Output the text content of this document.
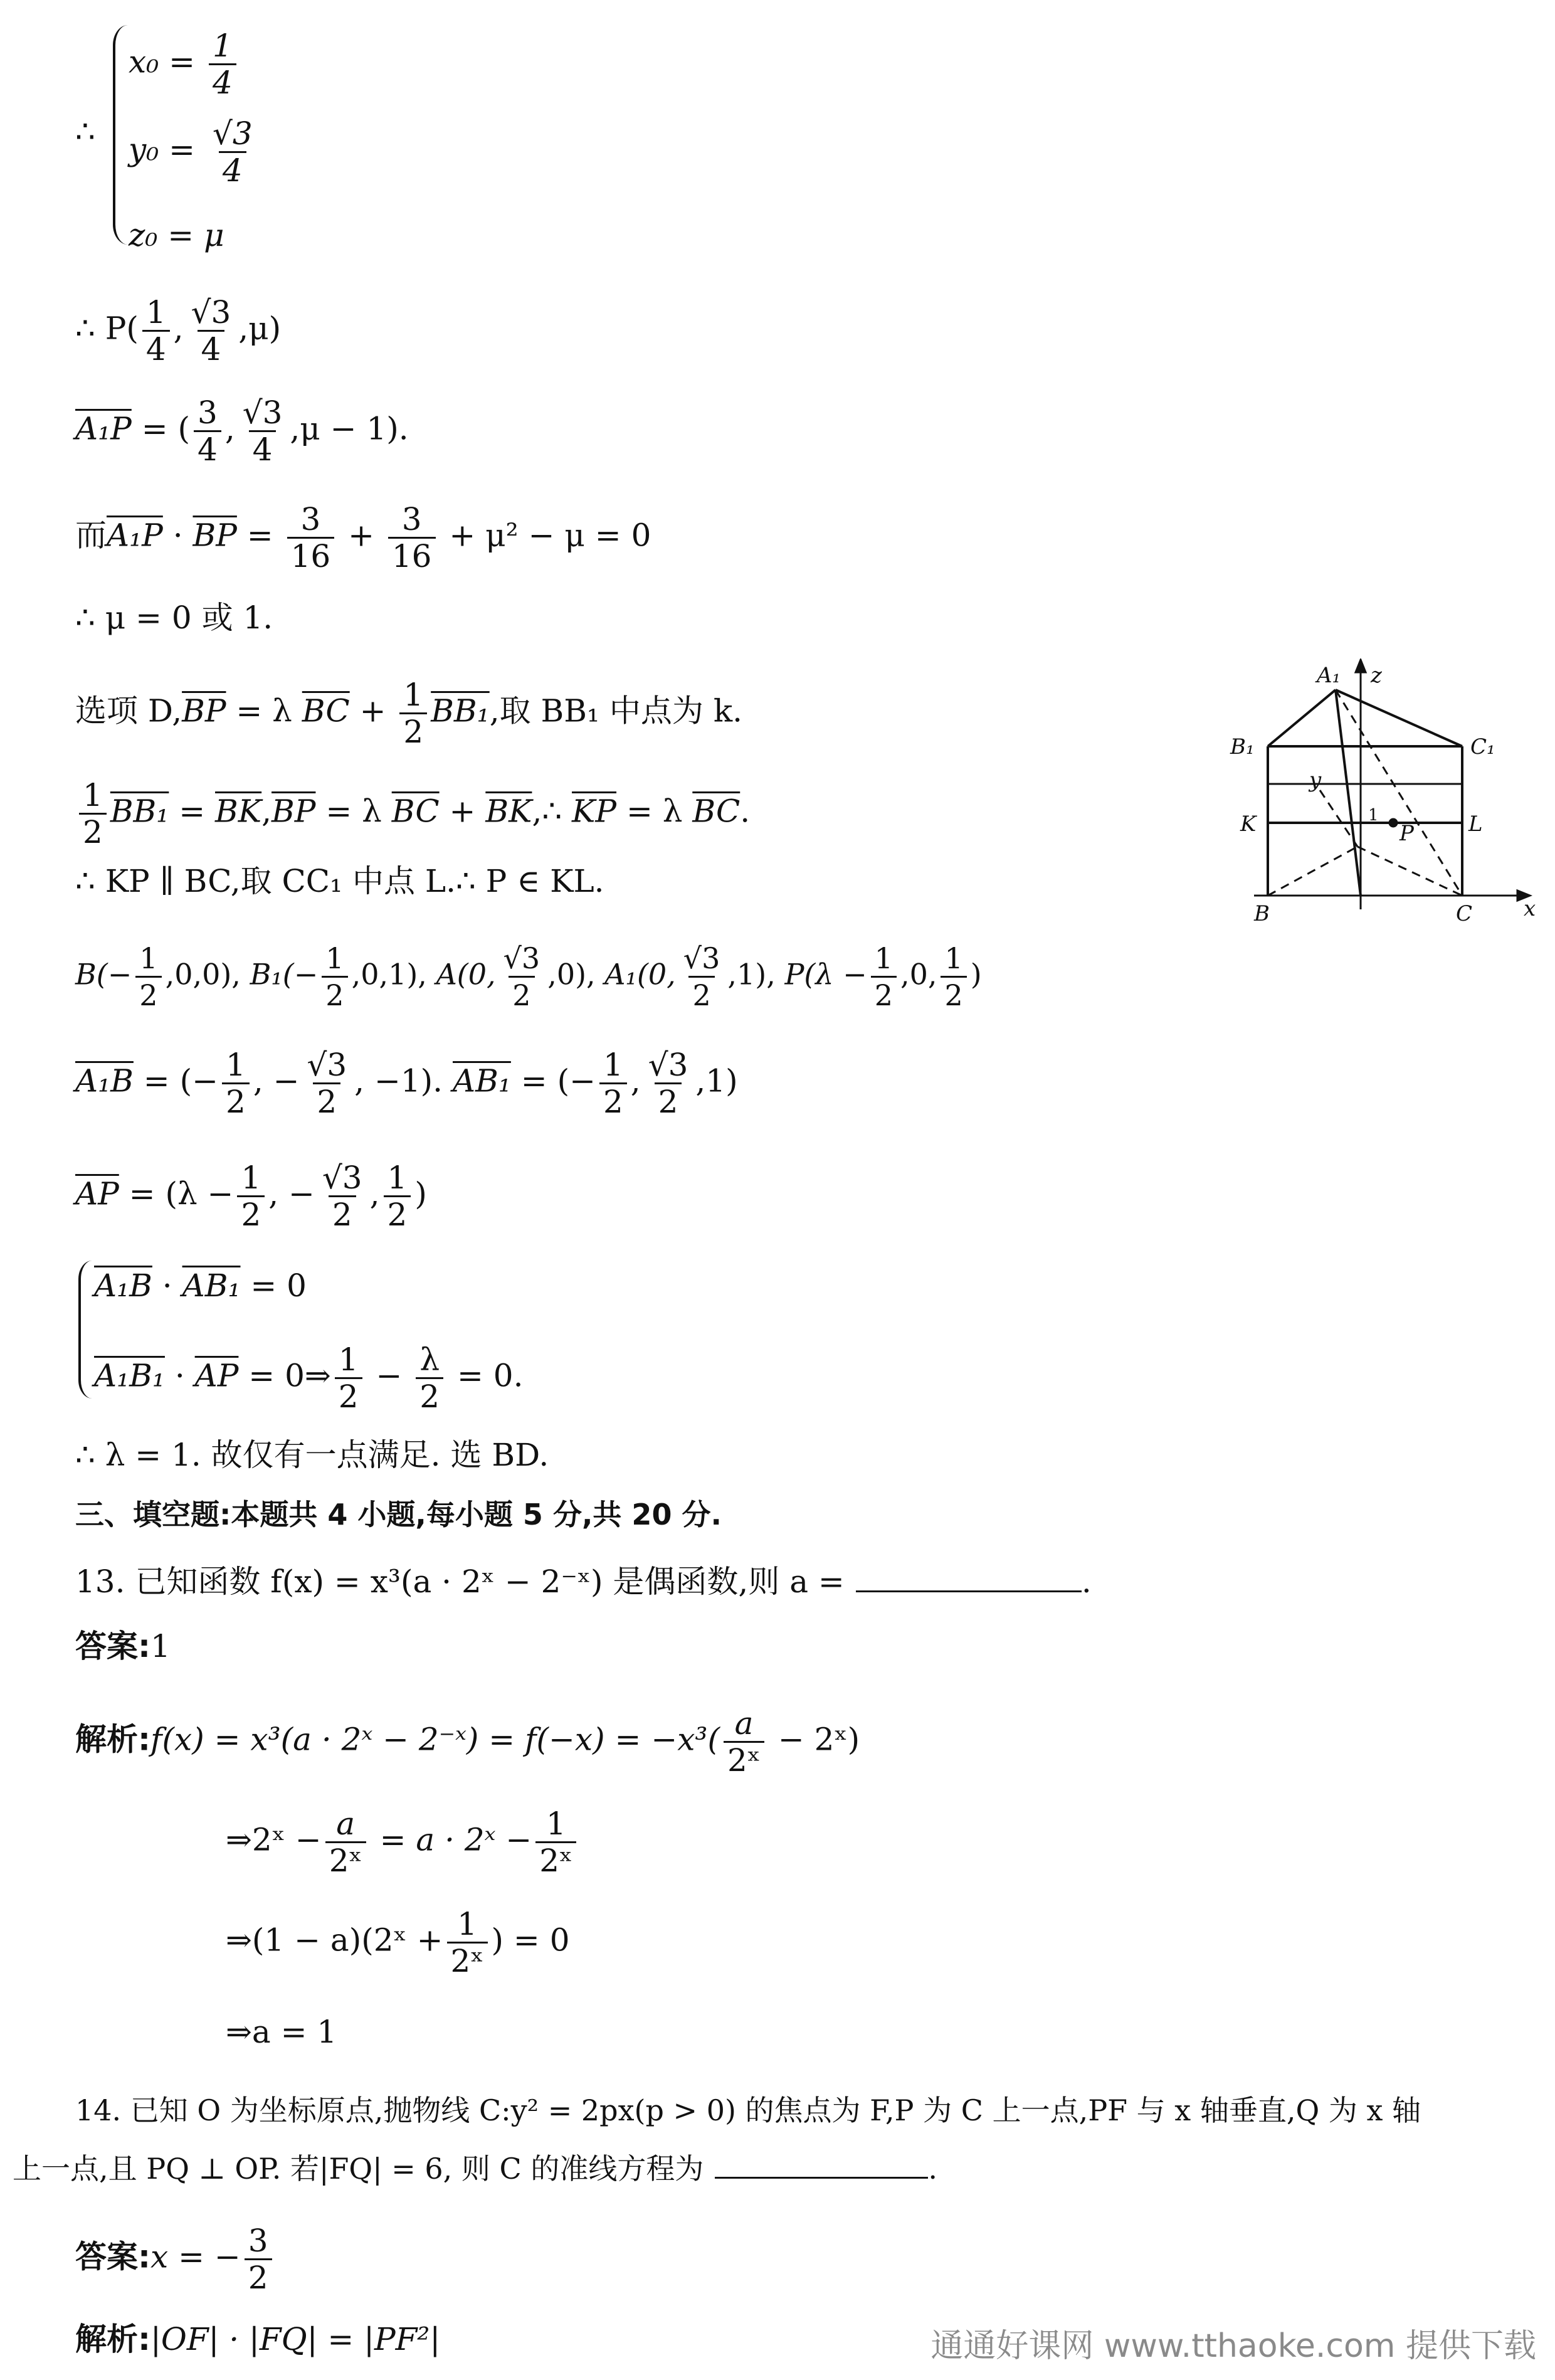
∴
$x_0 = \frac{1}{4}$
$y_0 = \frac{√3}{4}$
z₀ = μ
∴ $P( \frac{1}{4}$ , $\frac{√3}{4} ,\mu$)
A₁P = ( $\frac{3}{4}$ , $\frac{√3}{4} ,\mu - 1$).
而$A_1P \cdot \overline{BP} = \frac{3}{16} + \frac{3}{16} + \mu^2 - \mu = 0$
∴ μ = 0 或 1.
选项 $D,\overline{BP} = \lambda$ $\overline{BC} + \frac{1}{2} BB_1$,取 BB₁ 中点为 k.
$\frac{1}{2} BB_1 = \overline{BK},\overline{BP} = \lambda$ $\overline{BC}$ + $\overline{BK},\therefore$ $\overline{KP} = \lambda$ $\overline{BC}$.
∴ KP ∥ BC,取 CC₁ 中点 L.∴ P ∈ KL.
$B(- \frac{1}{2} ,0,0)$, $B_1(- \frac{1}{2} ,0,1)$, A(0, $\frac{√3}{2} ,0$), A₁(0, $\frac{√3}{2} ,1$), $P(\lambda - \frac{1}{2} ,0$, $\frac{1}{2}$ )
A₁B = (− $\frac{1}{2}$ , − $\frac{√3}{2}$ , −1). AB₁ = (− $\frac{1}{2}$ , $\frac{√3}{2} ,1$)
$\overline{AP} = (\lambda - \frac{1}{2}$ , − $\frac{√3}{2}$ , $\frac{1}{2}$ )
A₁B · AB₁ = 0
$A_1B_1 \cdot \overline{AP}$ = 0⇒ $\frac{1}{2} - \frac{\lambda}{2} = 0$.
∴ λ = 1. 故仅有一点满足. 选 BD.
三、填空题:本题共 4 小题,每小题 5 分,共 20 分.
13. 已知函数 f(x) = x³(a · 2ˣ − 2⁻ˣ) 是偶函数,则 a =	.
答案:1
解析:f(x) = x³(a · 2ˣ − 2⁻ˣ) = $f(-x) = -x^3( \frac{a}{\text{2ˣ}}$ − 2ˣ)
⇒2ˣ − $\frac{a}{\text{2ˣ}} = a$ · 2ˣ − $\frac{1}{\text{2ˣ}}$
⇒(1 − a)(2ˣ + $\frac{1}{\text{2ˣ}}$ ) = 0
⇒a = 1
14. 已知 O 为坐标原点,抛物线 C:y² = 2px(p > 0) 的焦点为 F,P 为 C 上一点,PF 与 x 轴垂直,Q 为 x 轴
上一点,且 PQ ⊥ OP. 若|FQ| = 6, 则 C 的准线方程为	.
答案:x = − $\frac{3}{2}$
解析:|OF| · |FQ| = |PF²|
A₁ z
B₁	C₁
y
K	L
P
1
B	C x
通通好课网 www.tthaoke.com 提供下载
